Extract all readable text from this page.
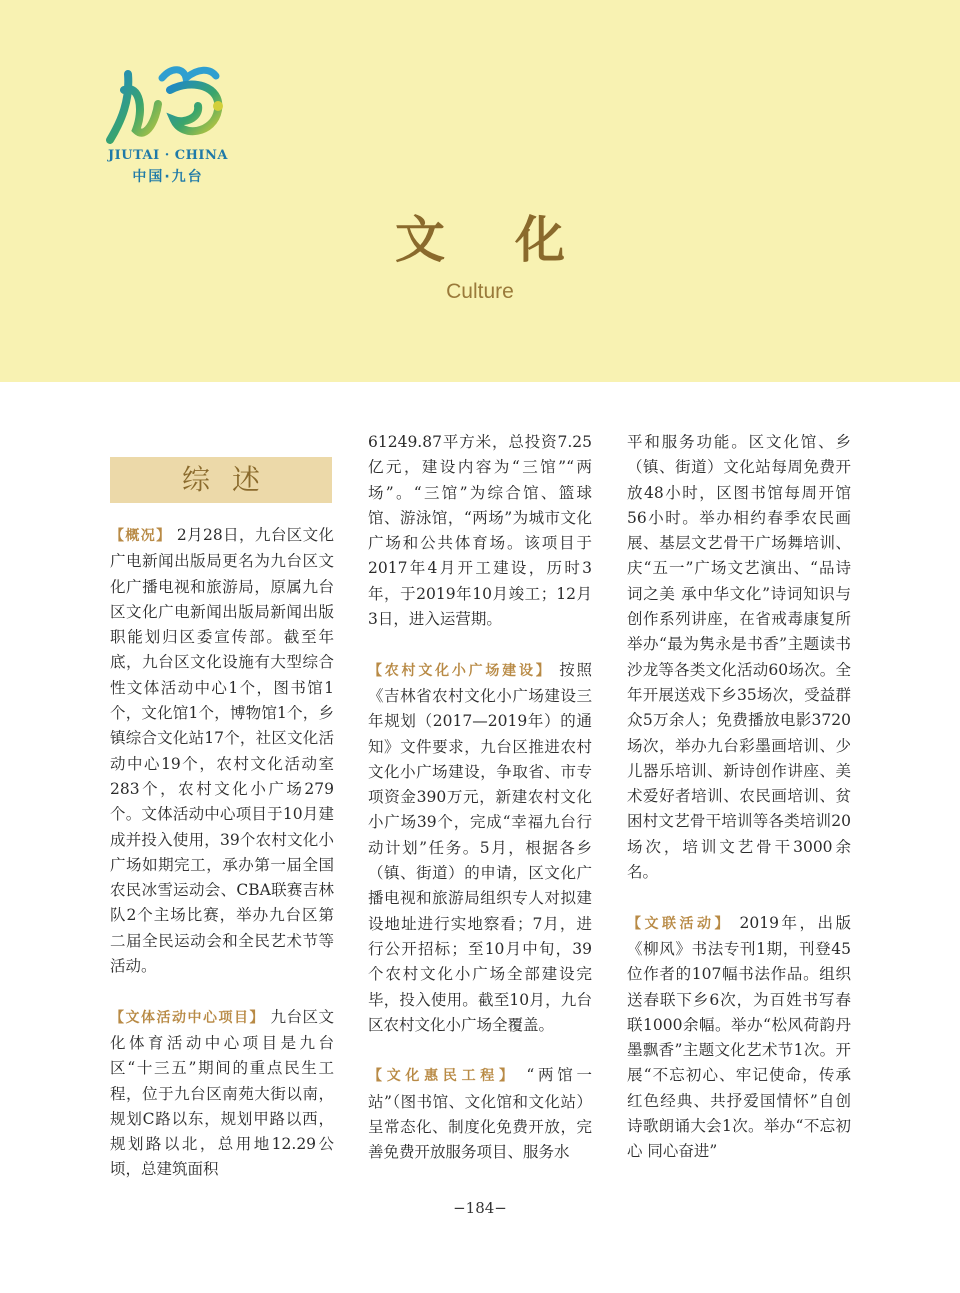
JIUTAI · CHINA
中国·九台
文化
Culture
综述

【概况】 2月28日，九台区文化广电新闻出版局更名为九台区文化广播电视和旅游局，原属九台区文化广电新闻出版局新闻出版职能划归区委宣传部。截至年底，九台区文化设施有大型综合性文体活动中心1个，图书馆1个，文化馆1个，博物馆1个，乡镇综合文化站17个，社区文化活动中心19个，农村文化活动室283个，农村文化小广场279个。文体活动中心项目于10月建成并投入使用，39个农村文化小广场如期完工，承办第一届全国农民冰雪运动会、CBA联赛吉林队2个主场比赛，举办九台区第二届全民运动会和全民艺术节等活动。

【文体活动中心项目】 九台区文化体育活动中心项目是九台区“十三五”期间的重点民生工程，位于九台区南苑大街以南，规划C路以东，规划甲路以西，规划路以北，总用地12.29公顷，总建筑面积

61249.87平方米，总投资7.25亿元，建设内容为“三馆”“两场”。“三馆”为综合馆、篮球馆、游泳馆，“两场”为城市文化广场和公共体育场。该项目于2017年4月开工建设，历时3年，于2019年10月竣工；12月3日，进入运营期。

【农村文化小广场建设】 按照《吉林省农村文化小广场建设三年规划（2017—2019年）的通知》文件要求，九台区推进农村文化小广场建设，争取省、市专项资金390万元，新建农村文化小广场39个，完成“幸福九台行动计划”任务。5月，根据各乡（镇、街道）的申请，区文化广播电视和旅游局组织专人对拟建设地址进行实地察看；7月，进行公开招标；至10月中旬，39个农村文化小广场全部建设完毕，投入使用。截至10月，九台区农村文化小广场全覆盖。

【文化惠民工程】 “两馆一站”（图书馆、文化馆和文化站）呈常态化、制度化免费开放，完善免费开放服务项目、服务水

平和服务功能。区文化馆、乡（镇、街道）文化站每周免费开放48小时，区图书馆每周开馆56小时。举办相约春季农民画展、基层文艺骨干广场舞培训、庆“五一”广场文艺演出、“品诗词之美 承中华文化”诗词知识与创作系列讲座，在省戒毒康复所举办“最为隽永是书香”主题读书沙龙等各类文化活动60场次。全年开展送戏下乡35场次，受益群众5万余人；免费播放电影3720场次，举办九台彩墨画培训、少儿器乐培训、新诗创作讲座、美术爱好者培训、农民画培训、贫困村文艺骨干培训等各类培训20场次，培训文艺骨干3000余名。

【文联活动】 2019年，出版《柳风》书法专刊1期，刊登45位作者的107幅书法作品。组织送春联下乡6次，为百姓书写春联1000余幅。举办“松风荷韵丹墨飘香”主题文化艺术节1次。开展“不忘初心、牢记使命，传承红色经典、共抒爱国情怀”自创诗歌朗诵大会1次。举办“不忘初心 同心奋进”

−184−
